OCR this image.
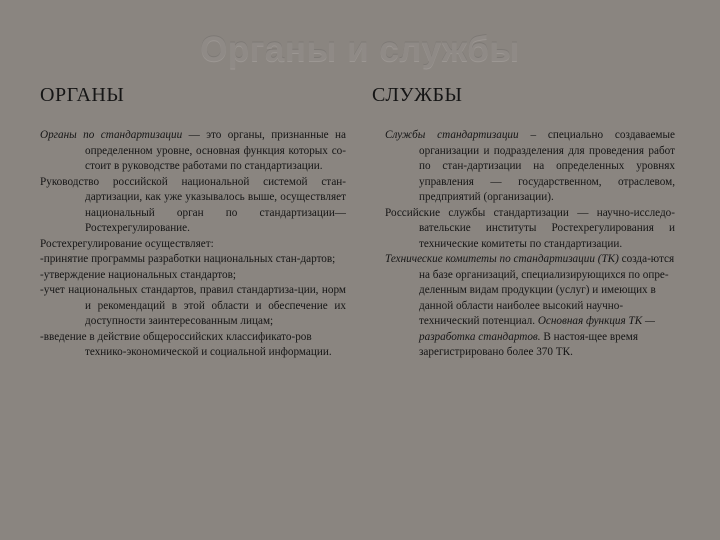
Органы и службы
ОРГАНЫ	СЛУЖБЫ

Органы по стандартизации — это органы, признанные на определенном уровне, основная функция которых со-стоит в руководстве работами по стандартизации.

Руководство российской национальной системой стан-дартизации, как уже указывалось выше, осуществляет национальный орган по стандартизации— Ростехрегулирование.

Ростехрегулирование осуществляет:

-принятие программы разработки национальных стан-дартов;

-утверждение национальных стандартов;

-учет национальных стандартов, правил стандартиза-ции, норм и рекомендаций в этой области и обеспечение их доступности заинтересованным лицам;

-введение в действие общероссийских классификато-ров технико-экономической и социальной информации.

Службы стандартизации – специально создаваемые организации и подразделения для проведения работ по стан-дартизации на определенных уровнях управления — государственном, отраслевом, предприятий (организации).

Российские службы стандартизации — научно-исследо-вательские институты Ростехрегулирования и технические комитеты по стандартизации.

Технические комитеты по стандартизации (ТК) созда-ются на базе организаций, специализирующихся по опре-деленным видам продукции (услуг) и имеющих в данной области наиболее высокий научно-технический потенциал. Основная функция ТК — разработка стандартов. В настоя-щее время зарегистрировано более 370 ТК.
